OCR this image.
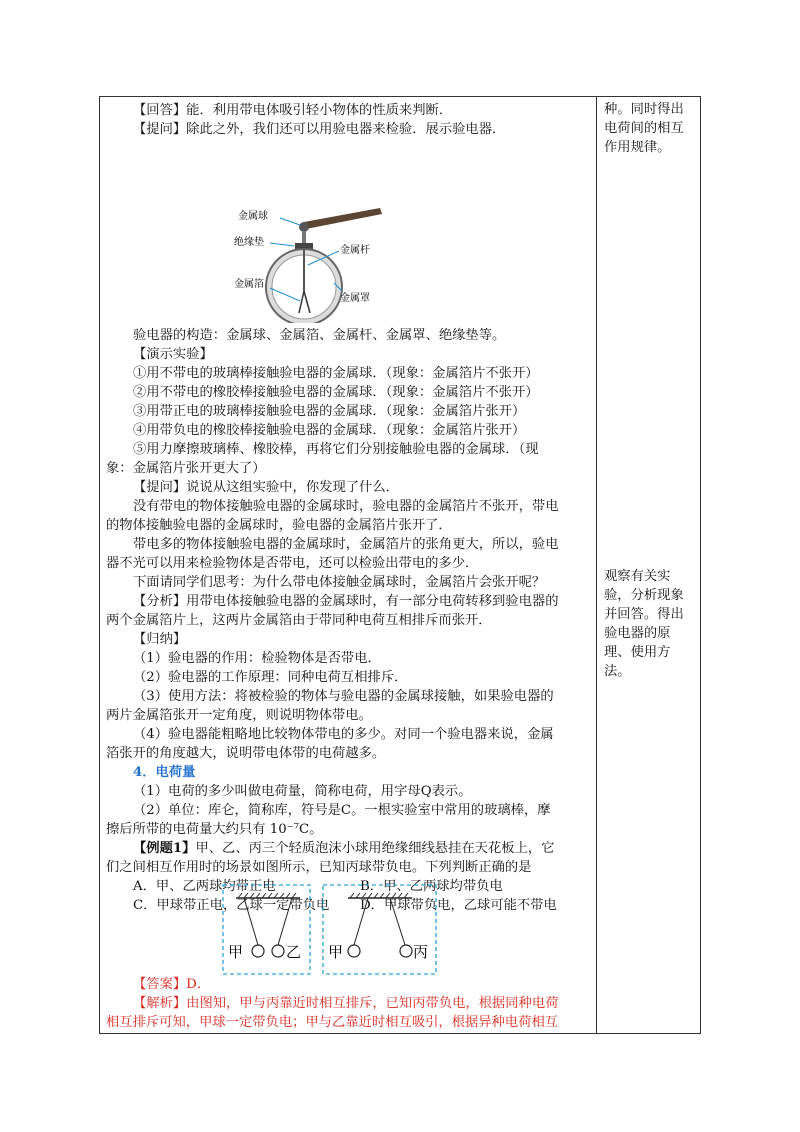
【回答】能．利用带电体吸引轻小物体的性质来判断．
【提问】除此之外，我们还可以用验电器来检验．展示验电器．
金属球
绝缘垫
金属杆
金属箔
金属罩
验电器的构造：金属球、金属箔、金属杆、金属罩、绝缘垫等。
【演示实验】
①用不带电的玻璃棒接触验电器的金属球．（现象：金属箔片不张开）
②用不带电的橡胶棒接触验电器的金属球．（现象：金属箔片不张开）
③用带正电的玻璃棒接触验电器的金属球．（现象：金属箔片张开）
④用带负电的橡胶棒接触验电器的金属球．（现象：金属箔片张开）
⑤用力摩擦玻璃棒、橡胶棒，再将它们分别接触验电器的金属球．（现
象：金属箔片张开更大了）
【提问】说说从这组实验中，你发现了什么．
没有带电的物体接触验电器的金属球时，验电器的金属箔片不张开，带电
的物体接触验电器的金属球时，验电器的金属箔片张开了．
带电多的物体接触验电器的金属球时，金属箔片的张角更大，所以，验电
器不光可以用来检验物体是否带电，还可以检验出带电的多少．
下面请同学们思考：为什么带电体接触金属球时，金属箔片会张开呢？
【分析】用带电体接触验电器的金属球时，有一部分电荷转移到验电器的
两个金属箔片上，这两片金属箔由于带同种电荷互相排斥而张开．
【归纳】
（1）验电器的作用：检验物体是否带电．
（2）验电器的工作原理：同种电荷互相排斥．
（3）使用方法：将被检验的物体与验电器的金属球接触，如果验电器的
两片金属箔张开一定角度，则说明物体带电。
（4）验电器能粗略地比较物体带电的多少。对同一个验电器来说，金属
箔张开的角度越大，说明带电体带的电荷越多。
4．电荷量
（1）电荷的多少叫做电荷量，简称电荷，用字母Q表示。
（2）单位：库仑，简称库，符号是C。一根实验室中常用的玻璃棒，摩
擦后所带的电荷量大约只有 10⁻⁷C。
【例题1】甲、乙、丙三个轻质泡沫小球用绝缘细线悬挂在天花板上，它
们之间相互作用时的场景如图所示，已知丙球带负电。下列判断正确的是
A．甲、乙两球均带正电	B．甲、乙两球均带负电
C．甲球带正电，乙球一定带负电 D．甲球带负电，乙球可能不带电
甲	乙 甲	丙
【答案】D．
【解析】由图知，甲与丙靠近时相互排斥，已知丙带负电，根据同种电荷
相互排斥可知，甲球一定带负电；甲与乙靠近时相互吸引，根据异种电荷相互
种。同时得出
电荷间的相互
作用规律。
观察有关实
验，分析现象
并回答。得出
验电器的原
理、使用方
法。
